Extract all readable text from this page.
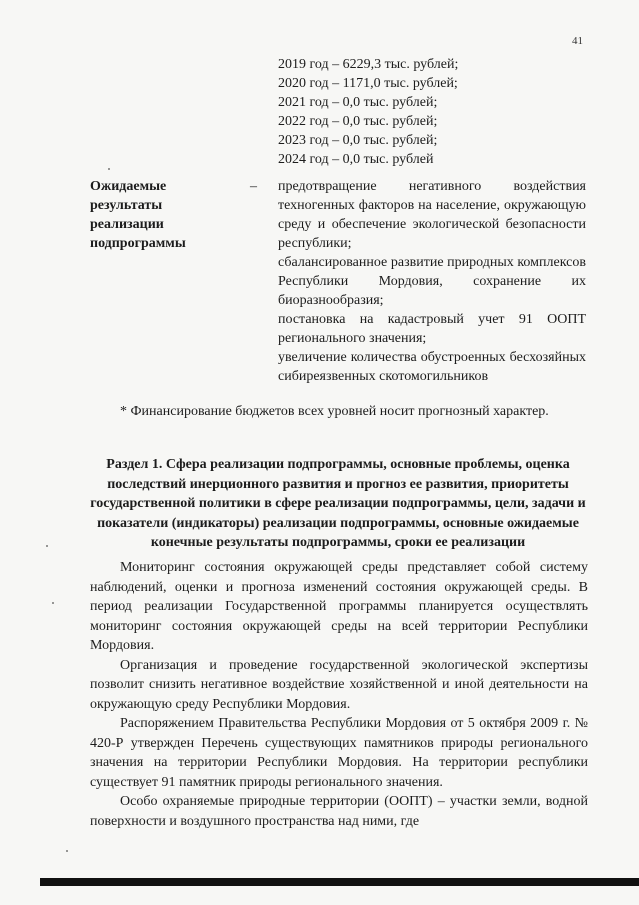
41
2019 год – 6229,3 тыс. рублей;
2020 год – 1171,0 тыс. рублей;
2021 год – 0,0 тыс. рублей;
2022 год – 0,0 тыс. рублей;
2023 год – 0,0 тыс. рублей;
2024 год – 0,0 тыс. рублей
Ожидаемые результаты реализации подпрограммы
– предотвращение негативного воздействия техногенных факторов на население, окружающую среду и обеспечение экологической безопасности республики;

сбалансированное развитие природных комплексов Республики Мордовия, сохранение их биоразнообразия;

постановка на кадастровый учет 91 ООПТ регионального значения;

увеличение количества обустроенных бесхозяйных сибиреязвенных скотомогильников

* Финансирование бюджетов всех уровней носит прогнозный характер.
Раздел 1. Сфера реализации подпрограммы, основные проблемы, оценка последствий инерционного развития и прогноз ее развития, приоритеты государственной политики в сфере реализации подпрограммы, цели, задачи и показатели (индикаторы) реализации подпрограммы, основные ожидаемые конечные результаты подпрограммы, сроки ее реализации

Мониторинг состояния окружающей среды представляет собой систему наблюдений, оценки и прогноза изменений состояния окружающей среды. В период реализации Государственной программы планируется осуществлять мониторинг состояния окружающей среды на всей территории Республики Мордовия.

Организация и проведение государственной экологической экспертизы позволит снизить негативное воздействие хозяйственной и иной деятельности на окружающую среду Республики Мордовия.

Распоряжением Правительства Республики Мордовия от 5 октября 2009 г. № 420-Р утвержден Перечень существующих памятников природы регионального значения на территории Республики Мордовия. На территории республики существует 91 памятник природы регионального значения.

Особо охраняемые природные территории (ООПТ) – участки земли, водной поверхности и воздушного пространства над ними, где
